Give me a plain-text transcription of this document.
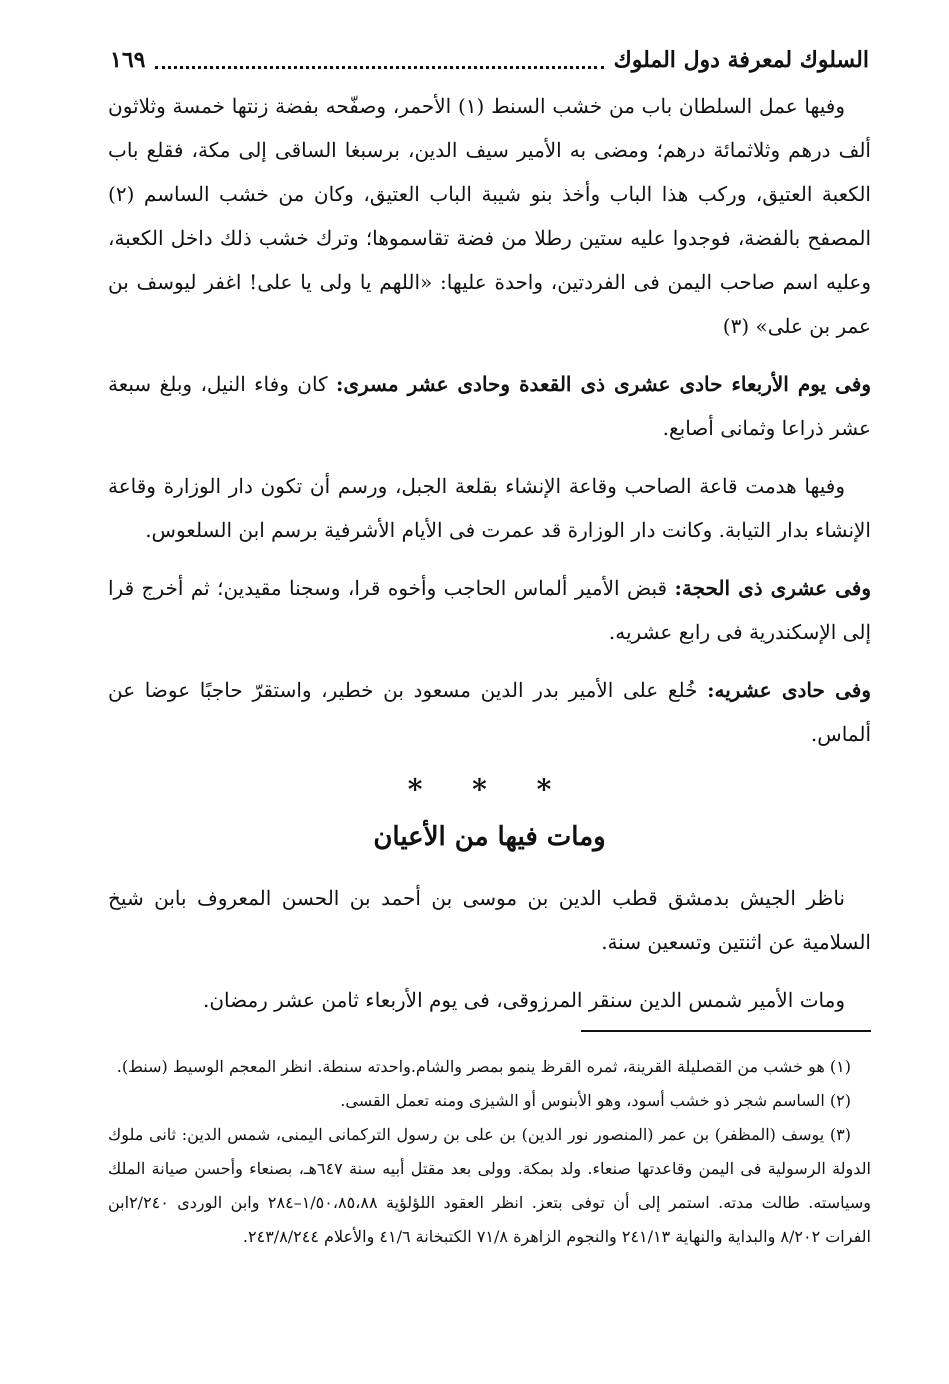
السلوك لمعرفة دول الملوك
١٦٩

وفيها عمل السلطان باب من خشب السنط (١) الأحمر، وصفّحه بفضة زنتها خمسة وثلاثون ألف درهم وثلاثمائة درهم؛ ومضى به الأمير سيف الدين، برسبغا الساقى إلى مكة، فقلع باب الكعبة العتيق، وركب هذا الباب وأخذ بنو شيبة الباب العتيق، وكان من خشب الساسم (٢) المصفح بالفضة، فوجدوا عليه ستين رطلا من فضة تقاسموها؛ وترك خشب ذلك داخل الكعبة، وعليه اسم صاحب اليمن فى الفردتين، واحدة عليها: «اللهم يا ولى يا على! اغفر ليوسف بن عمر بن على» (٣)

وفى يوم الأربعاء حادى عشرى ذى القعدة وحادى عشر مسرى: كان وفاء النيل، وبلغ سبعة عشر ذراعا وثمانى أصابع.

وفيها هدمت قاعة الصاحب وقاعة الإنشاء بقلعة الجبل، ورسم أن تكون دار الوزارة وقاعة الإنشاء بدار التيابة. وكانت دار الوزارة قد عمرت فى الأيام الأشرفية برسم ابن السلعوس.

وفى عشرى ذى الحجة: قبض الأمير ألماس الحاجب وأخوه قرا، وسجنا مقيدين؛ ثم أخرج قرا إلى الإسكندرية فى رابع عشريه.

وفى حادى عشريه: خُلع على الأمير بدر الدين مسعود بن خطير، واستقرّ حاجبًا عوضا عن ألماس.

* * *
ومات فيها من الأعيان

ناظر الجيش بدمشق قطب الدين بن موسى بن أحمد بن الحسن المعروف بابن شيخ السلامية عن اثنتين وتسعين سنة.

ومات الأمير شمس الدين سنقر المرزوقى، فى يوم الأربعاء ثامن عشر رمضان.

(١) هو خشب من القصليلة القرينة، ثمره القرظ ينمو بمصر والشام.واحدته سنطة. انظر المعجم الوسيط (سنط).

(٢) الساسم شجر ذو خشب أسود، وهو الأبنوس أو الشيزى ومنه تعمل القسى.

(٣) يوسف (المظفر) بن عمر (المنصور نور الدين) بن على بن رسول التركمانى اليمنى، شمس الدين: ثانى ملوك الدولة الرسولية فى اليمن وقاعدتها صنعاء. ولد بمكة. وولى بعد مقتل أبيه سنة ٦٤٧هـ، بصنعاء وأحسن صيانة الملك وسياسته. طالت مدته. استمر إلى أن توفى بتعز. انظر العقود اللؤلؤية ١/٥٠،٨٥،٨٨–٢٨٤ وابن الوردى ٢/٢٤٠ابن الفرات ٨/٢٠٢ والبداية والنهاية ٢٤١/١٣ والنجوم الزاهرة ٧١/٨ الكتبخانة ٤١/٦ والأعلام ٢٤٣/٨/٢٤٤.
